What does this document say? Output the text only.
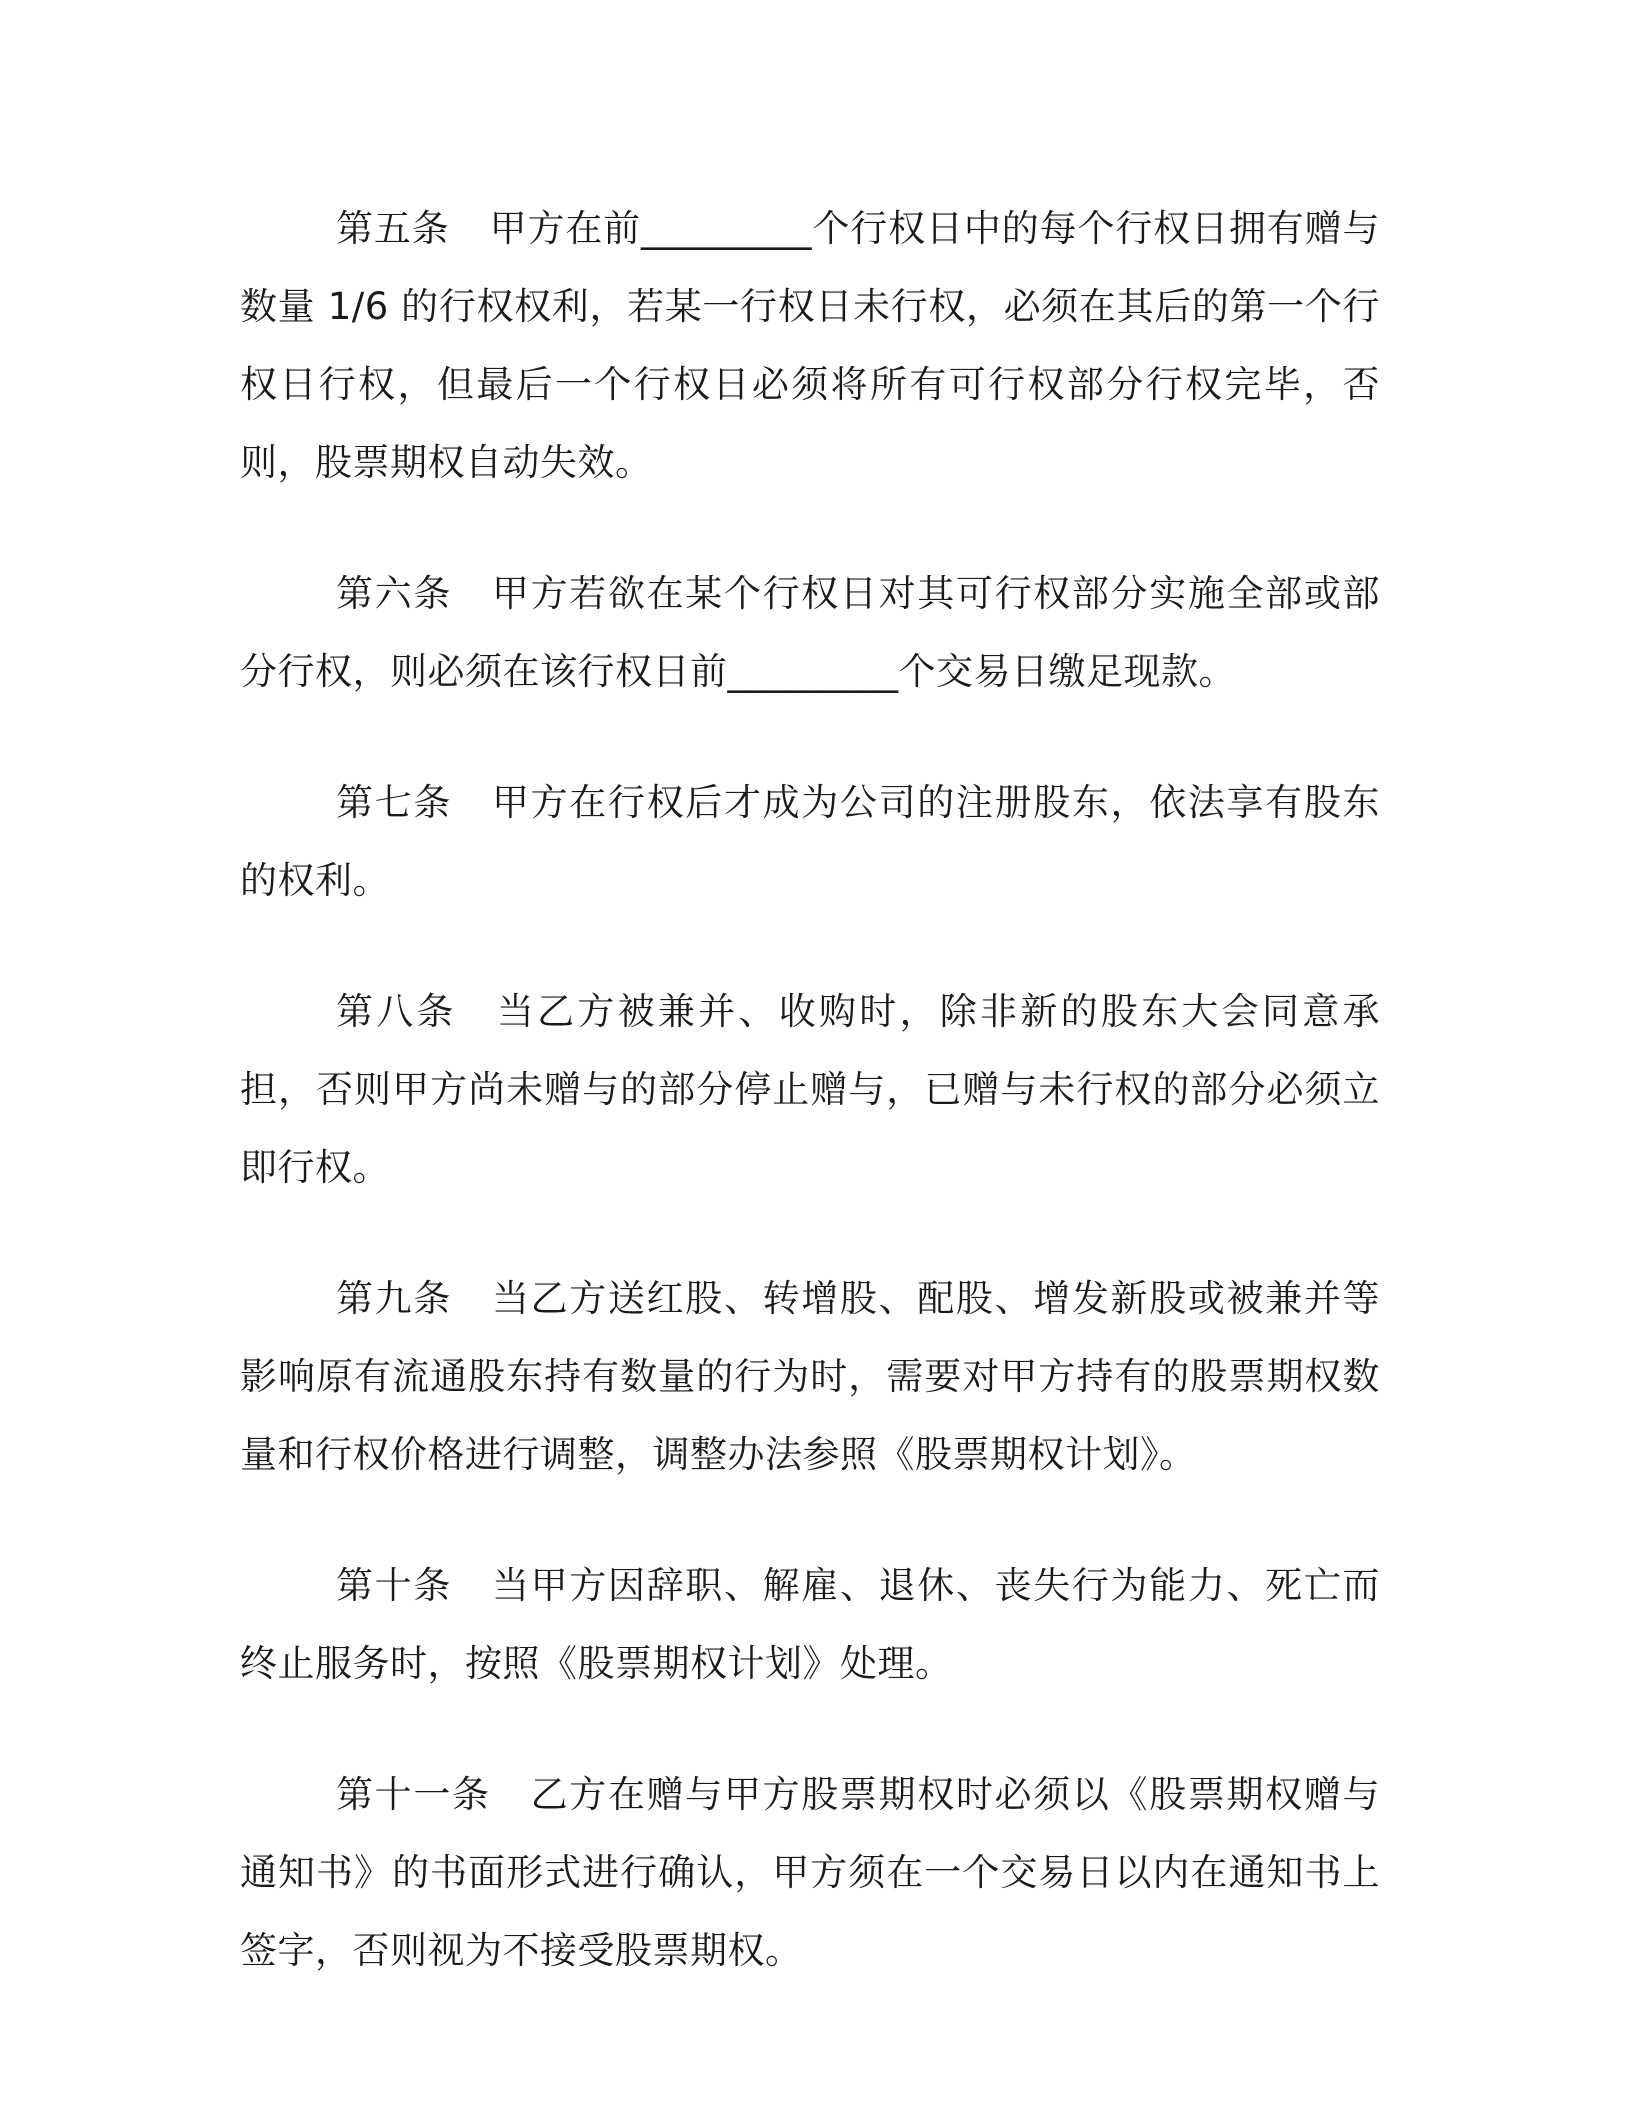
第五条 甲方在前_________个行权日中的每个行权日拥有赠与数量 1/6 的行权权利，若某一行权日未行权，必须在其后的第一个行权日行权，但最后一个行权日必须将所有可行权部分行权完毕，否则，股票期权自动失效。

第六条 甲方若欲在某个行权日对其可行权部分实施全部或部分行权，则必须在该行权日前_________个交易日缴足现款。

第七条 甲方在行权后才成为公司的注册股东，依法享有股东的权利。

第八条 当乙方被兼并、收购时，除非新的股东大会同意承担，否则甲方尚未赠与的部分停止赠与，已赠与未行权的部分必须立即行权。

第九条 当乙方送红股、转增股、配股、增发新股或被兼并等影响原有流通股东持有数量的行为时，需要对甲方持有的股票期权数量和行权价格进行调整，调整办法参照《股票期权计划》。

第十条 当甲方因辞职、解雇、退休、丧失行为能力、死亡而终止服务时，按照《股票期权计划》处理。

第十一条 乙方在赠与甲方股票期权时必须以《股票期权赠与通知书》的书面形式进行确认，甲方须在一个交易日以内在通知书上签字，否则视为不接受股票期权。
